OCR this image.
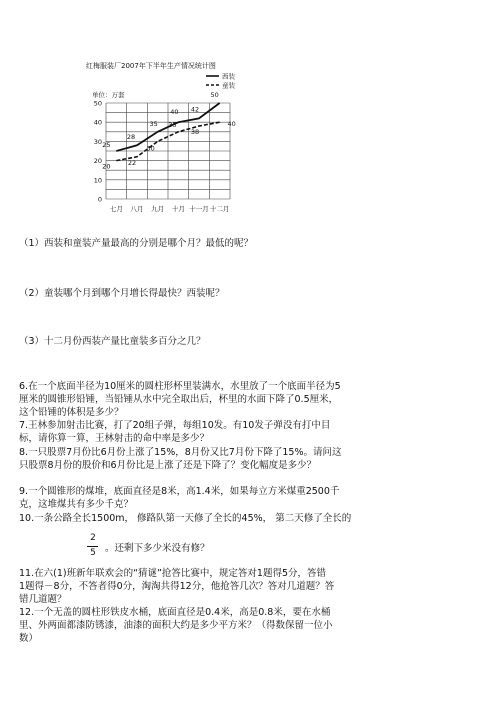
红梅服装厂2007年下半年生产情况统计图
单位：万套
0
10
20
30
40
50
七月 八月 九月 十月 十一月 十二月
25
28
35
40 42
50
20	22
30
35
38
40
西装
童装
（1）西装和童装产量最高的分别是哪个月？最低的呢？
（2）童装哪个月到哪个月增长得最快？西装呢？
（3）十二月份西装产量比童装多百分之几？
6.在一个底面半径为10厘米的圆柱形杯里装满水，水里放了一个底面半径为5
厘米的圆锥形铅锤，当铅锤从水中完全取出后，杯里的水面下降了0.5厘米，
这个铅锤的体积是多少？
7.王林参加射击比赛，打了20组子弹，每组10发。有10发子弹没有打中目
标，请你算一算，王林射击的命中率是多少？
8.一只股票7月份比6月份上涨了15%，8月份又比7月份下降了15%。请问这
只股票8月份的股价和6月份比是上涨了还是下降了？变化幅度是多少？
9.一个圆锥形的煤堆，底面直径是8米，高1.4米，如果每立方米煤重2500千
克，这堆煤共有多少千克？
10.一条公路全长1500m， 修路队第一天修了全长的45%， 第二天修了全长的
2
5 。还剩下多少米没有修？
11.在六(1)班新年联欢会的“猜谜”抢答比赛中，规定答对1题得5分，答错
1题得－8分，不答者得0分，淘淘共得12分，他抢答几次？答对几道题？答
错几道题？
12.一个无盖的圆柱形铁皮水桶，底面直径是0.4米，高是0.8米，要在水桶
里、外两面都漆防锈漆，油漆的面积大约是多少平方米？（得数保留一位小
数）
